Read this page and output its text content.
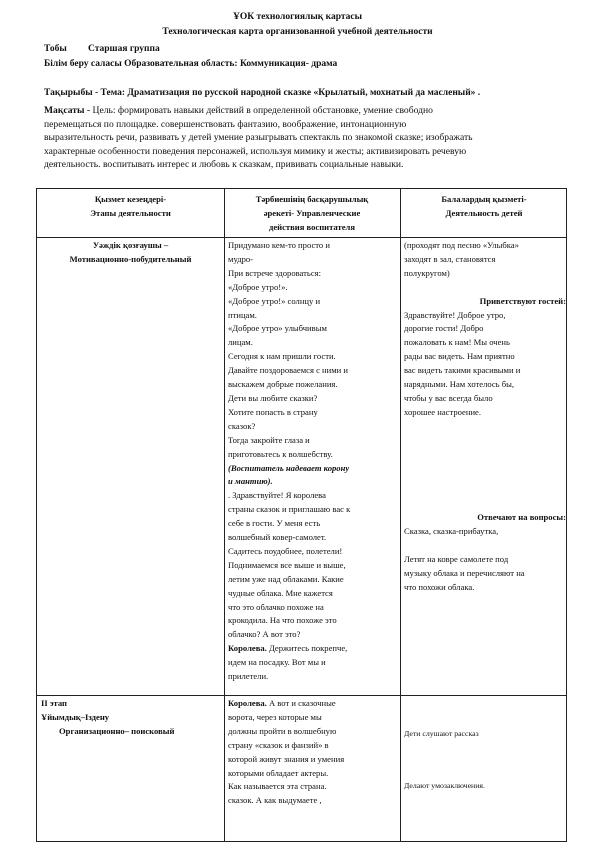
ҰОК технологиялық картасы
Технологическая карта организованной учебной деятельности
Тобы Старшая группа
Білім беру саласы Образовательная область: Коммуникация- драма
Тақырыбы - Тема: Драматизация по русской народной сказке «Крылатый, мохнатый да масленый» .
Мақсаты - Цель: формировать навыки действий в определенной обстановке, умение свободно
перемещаться по площадке. совершенствовать фантазию, воображение, интонационную
выразительность речи, развивать у детей умение разыгрывать спектакль по знакомой сказке; изображать
характерные особенности поведения персонажей, используя мимику и жесты; активизировать речевую
деятельность. воспитывать интерес и любовь к сказкам, прививать социальные навыки.
Қызмет кезеңдері-
Этапы деятельности
Тәрбиешінің басқарушылық
әрекеті- Управленческие
действия воспитателя
Балалардың қызметі-
Деятельность детей
Уәждік қозғаушы –
Мотивационно-побудительный
Придумано кем-то просто и
мудро-
При встрече здороваться:
«Доброе утро!».
«Доброе утро!» солнцу и
птицам.
«Доброе утро» улыбчивым
лицам.
Сегодня к нам пришли гости.
Давайте поздороваемся с ними и
выскажем добрые пожелания.
Дети вы любите сказки?
Хотите попасть в страну
сказок?
Тогда закройте глаза и
приготовьтесь к волшебству.
(Воспитатель надевает корону
и мантию).
. Здравствуйте! Я королева
страны сказок и приглашаю вас к
себе в гости. У меня есть
волшебный ковер-самолет.
Садитесь поудобнее, полетели!
Поднимаемся все выше и выше,
летим уже над облаками. Какие
чудные облака. Мне кажется
что это облачко похоже на
крокодила. На что похоже это
облачко? А вот это?
Королева. Держитесь покрепче,
идем на посадку. Вот мы и
прилетели.
(проходят под песню «Улыбка»
заходят в зал, становятся
полукругом)

Приветствуют гостей:
Здравствуйте! Доброе утро,
дорогие гости! Добро
пожаловать к нам! Мы очень
рады вас видеть. Нам приятно
вас видеть такими красивыми и
нарядными. Нам хотелось бы,
чтобы у вас всегда было
хорошее настроение.
Отвечают на вопросы:
Сказка, сказка-прибаутка,

Летят на ковре самолете под
музыку облака и перечисляют на
что похожи облака.
II этап
Ұйымдық–Іздену
Организационно– поисковый
Королева. А вот и сказочные
ворота, через которые мы
должны пройти в волшебную
страну «сказок и фанзий» в
которой живут знания и умения
которыми обладает актеры.
Как называется эта страна.
сказок. А как выдумаете ,
Дети слушают рассказ
Делают умозаключения.
